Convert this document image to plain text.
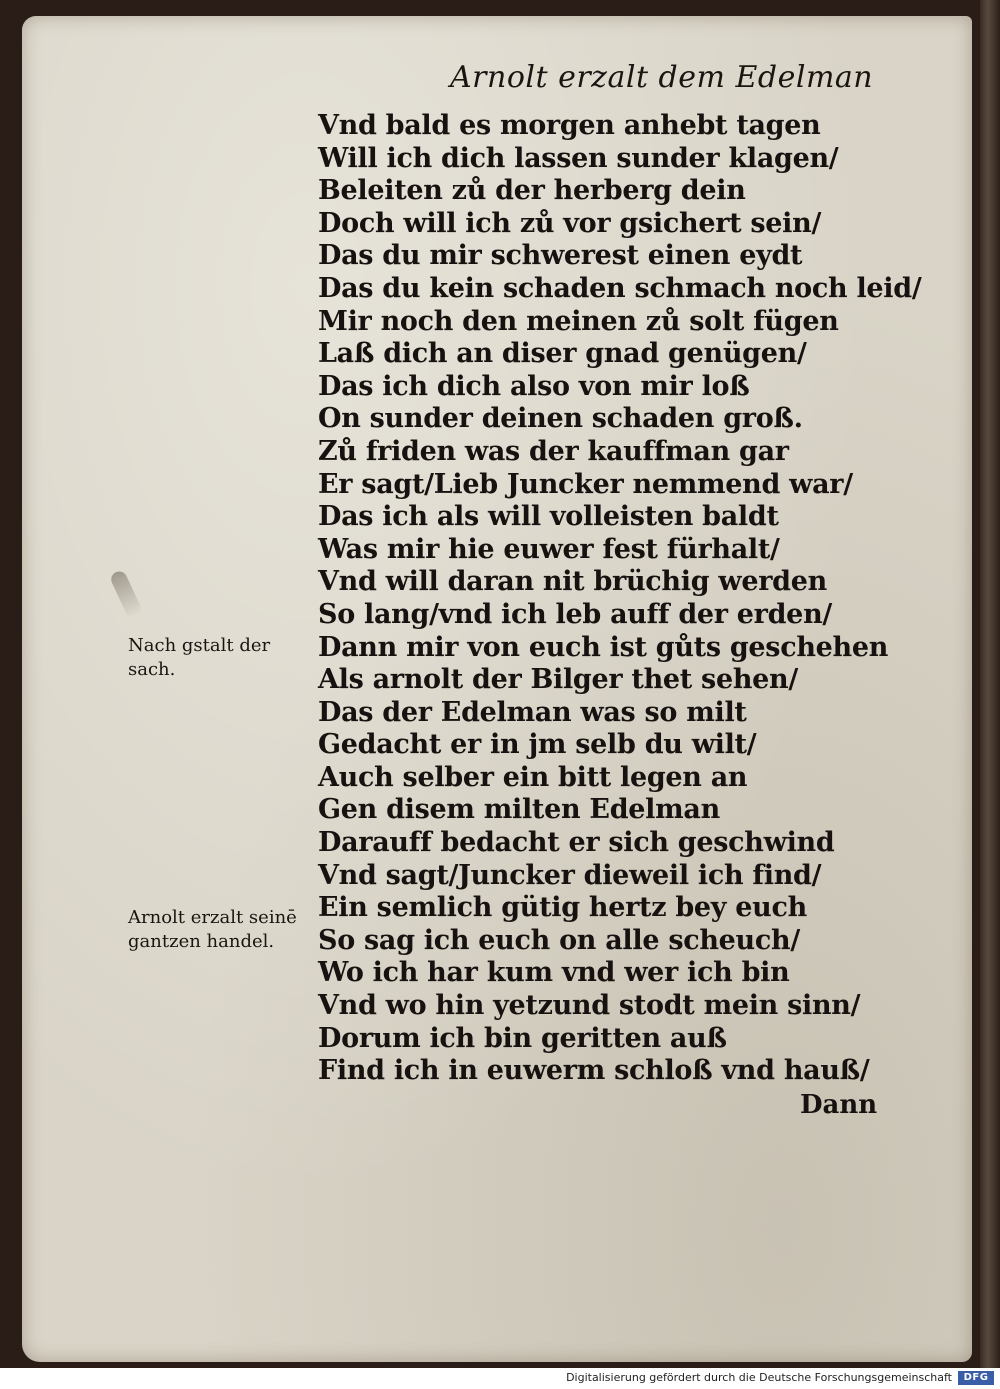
Arnolt erzalt dem Edelman
Vnd bald es morgen anhebt tagen
Will ich dich lassen sunder klagen/
Beleiten zů der herberg dein
Doch will ich zů vor gsichert sein/
Das du mir schwerest einen eydt
Das du kein schaden schmach noch leid/
Mir noch den meinen zů solt fügen
Laß dich an diser gnad genügen/
Das ich dich also von mir loß
On sunder deinen schaden groß.
Zů friden was der kauffman gar
Er sagt/Lieb Juncker nemmend war/
Das ich als will volleisten baldt
Was mir hie euwer fest fürhalt/
Vnd will daran nit brüchig werden
So lang/vnd ich leb auff der erden/
Dann mir von euch ist gůts geschehen
Als arnolt der Bilger thet sehen/
Das der Edelman was so milt
Gedacht er in jm selb du wilt/
Auch selber ein bitt legen an
Gen disem milten Edelman
Darauff bedacht er sich geschwind
Vnd sagt/Juncker dieweil ich find/
Ein semlich gütig hertz bey euch
So sag ich euch on alle scheuch/
Wo ich har kum vnd wer ich bin
Vnd wo hin yetzund stodt mein sinn/
Dorum ich bin geritten auß
Find ich in euwerm schloß vnd hauß/
Dann
Nach gstalt der
sach.
Arnolt erzalt seinē
gantzen handel.
Digitalisierung gefördert durch die Deutsche Forschungsgemeinschaft	DFG
